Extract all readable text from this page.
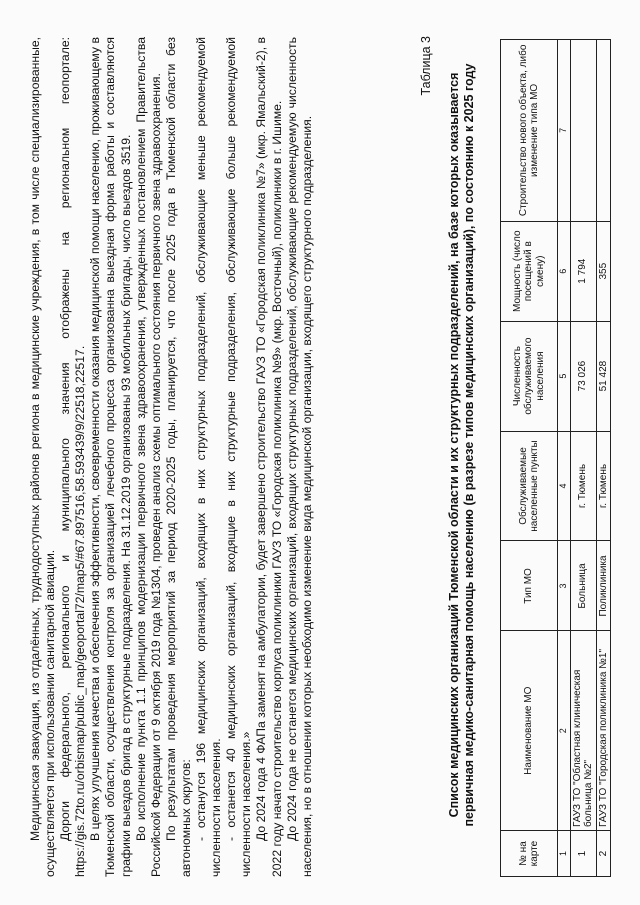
Медицинская эвакуация, из отдалённых, труднодоступных районов региона в медицинские учреждения, в том числе специализированные, осуществляется при использовании санитарной авиации. Дороги федерального, регионального и муниципального значения отображены на региональном геопортале: https://gis.72to.ru/orbismap/public_map/geoportal72/map5/#67.897516,58.593439/9/22518,22517. В целях улучшения качества и обеспечения эффективности, своевременности оказания медицинской помощи населению, проживающему в Тюменской области, осуществления контроля за организацией лечебного процесса организованна выездная форма работы и составляются графики выездов бригад в структурные подразделения. На 31.12.2019 организованы 93 мобильных бригады, число выездов 3519. Во исполнение пункта 1.1 принципов модернизации первичного звена здравоохранения, утвержденных постановлением Правительства Российской Федерации от 9 октября 2019 года №1304, проведен анализ схемы оптимального состояния первичного звена здравоохранения. По результатам проведения мероприятий за период 2020-2025 годы, планируется, что после 2025 года в Тюменской области без автономных округов: - останутся 196 медицинских организаций, входящих в них структурных подразделений, обслуживающие меньше рекомендуемой численности населения. - останется 40 медицинских организаций, входящие в них структурные подразделения, обслуживающие больше рекомендуемой численности населения.» До 2024 года 4 ФАПа заменят на амбулатории, будет завершено строительство ГАУЗ ТО «Городская поликлиника №7» (мкр. Ямальский-2), в 2022 году начато строительство корпуса поликлиники ГАУЗ ТО «Городская поликлиника №9» (мкр. Восточный), поликлиники в г. Ишиме. До 2024 года не останется медицинских организаций, входящих структурных подразделений, обслуживающие рекомендуемую численность населения, но в отношении которых необходимо изменение вида медицинской организации, входящего структурного подразделения.

Таблица 3
Список медицинских организаций Тюменской области и их структурных подразделений, на базе которых оказывается первичная медико-санитарная помощь населению (в разрезе типов медицинских организаций), по состоянию к 2025 году
№ на карте	Наименование МО	Тип МО	Обслуживаемые населенные пункты	Численность обслуживаемого населения	Мощность (число посещений в смену)	Строительство нового объекта, либо изменение типа МО
1	2	3	4	5	6	7
1	ГАУЗ ТО "Областная клиническая больница №2"	Больница	г. Тюмень	73 026	1 794	
2	ГАУЗ ТО "Городская поликлиника №1"	Поликлиника	г. Тюмень	51 428	355	
